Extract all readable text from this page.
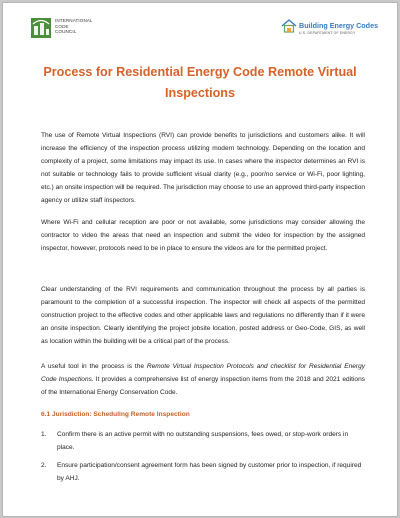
INTERNATIONAL
CODE
COUNCIL
Building Energy Codes
U.S. DEPARTMENT OF ENERGY
Process for Residential Energy Code Remote Virtual Inspections

The use of Remote Virtual Inspections (RVI) can provide benefits to jurisdictions and customers alike. It will increase the efficiency of the inspection process utilizing modern technology. Depending on the location and complexity of a project, some limitations may impact its use. In cases where the inspector determines an RVI is not suitable or technology fails to provide sufficient visual clarity (e.g., poor/no service or Wi-Fi, poor lighting, etc.) an onsite inspection will be required. The jurisdiction may choose to use an approved third-party inspection agency or utilize staff inspectors.

Where Wi-Fi and cellular reception are poor or not available, some jurisdictions may consider allowing the contractor to video the areas that need an inspection and submit the video for inspection by the assigned inspector, however, protocols need to be in place to ensure the videos are for the permitted project.

Clear understanding of the RVI requirements and communication throughout the process by all parties is paramount to the completion of a successful inspection. The inspector will check all aspects of the permitted construction project to the effective codes and other applicable laws and regulations no differently than if it were an onsite inspection. Clearly identifying the project jobsite location, posted address or Geo-Code, GIS, as well as location within the building will be a critical part of the process.

A useful tool in the process is the Remote Virtual Inspection Protocols and checklist for Residential Energy Code Inspections. It provides a comprehensive list of energy inspection items from the 2018 and 2021 editions of the International Energy Conservation Code.

6.1 Jurisdiction: Scheduling Remote Inspection
1. Confirm there is an active permit with no outstanding suspensions, fees owed, or stop-work orders in place.
2. Ensure participation/consent agreement form has been signed by customer prior to inspection, if required by AHJ.
